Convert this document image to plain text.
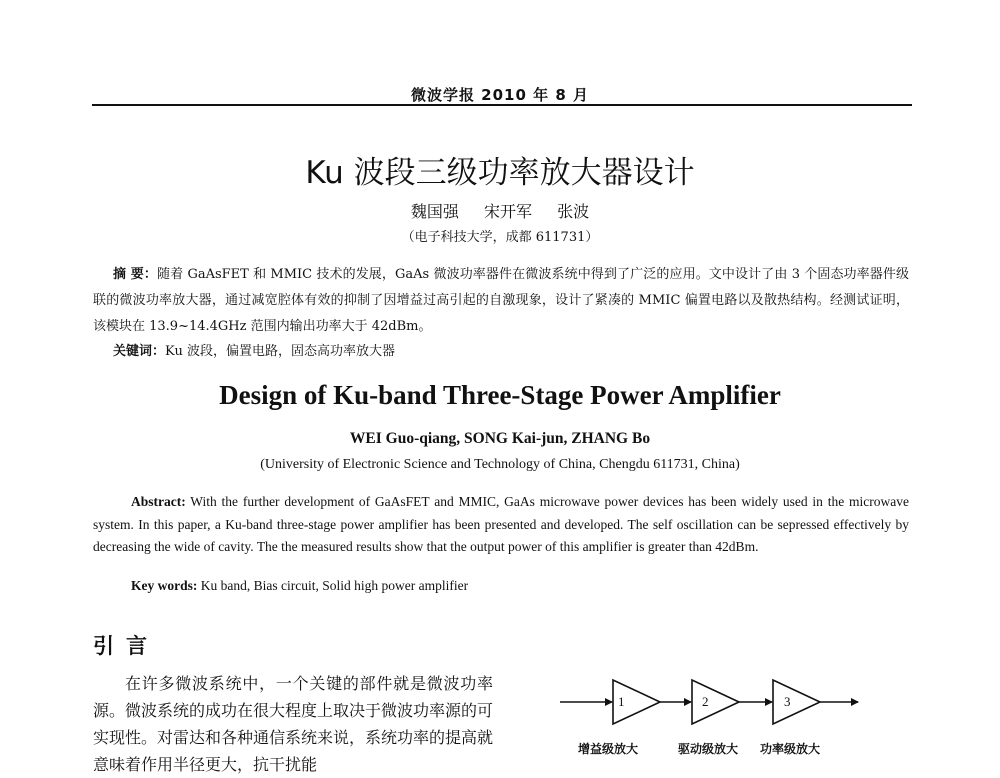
微波学报 2010 年 8 月
Ku 波段三级功率放大器设计
魏国强 宋开军 张波
（电子科技大学，成都 611731）
摘 要：随着 GaAsFET 和 MMIC 技术的发展，GaAs 微波功率器件在微波系统中得到了广泛的应用。文中设计了由 3 个固态功率器件级联的微波功率放大器，通过减宽腔体有效的抑制了因增益过高引起的自激现象，设计了紧凑的 MMIC 偏置电路以及散热结构。经测试证明，该模块在 13.9~14.4GHz 范围内输出功率大于 42dBm。
关键词：Ku 波段，偏置电路，固态高功率放大器
Design of Ku-band Three-Stage Power Amplifier
WEI Guo-qiang, SONG Kai-jun, ZHANG Bo
(University of Electronic Science and Technology of China, Chengdu 611731, China)
Abstract: With the further development of GaAsFET and MMIC, GaAs microwave power devices has been widely used in the microwave system. In this paper, a Ku-band three-stage power amplifier has been presented and developed. The self oscillation can be sepressed effectively by decreasing the wide of cavity. The the measured results show that the output power of this amplifier is greater than 42dBm.
Key words: Ku band, Bias circuit, Solid high power amplifier
引 言
在许多微波系统中，一个关键的部件就是微波功率源。微波系统的成功在很大程度上取决于微波功率源的可实现性。对雷达和各种通信系统来说，系统功率的提高就意味着作用半径更大，抗干扰能
1	2	3
增益级放大	驱动级放大 功率级放大
